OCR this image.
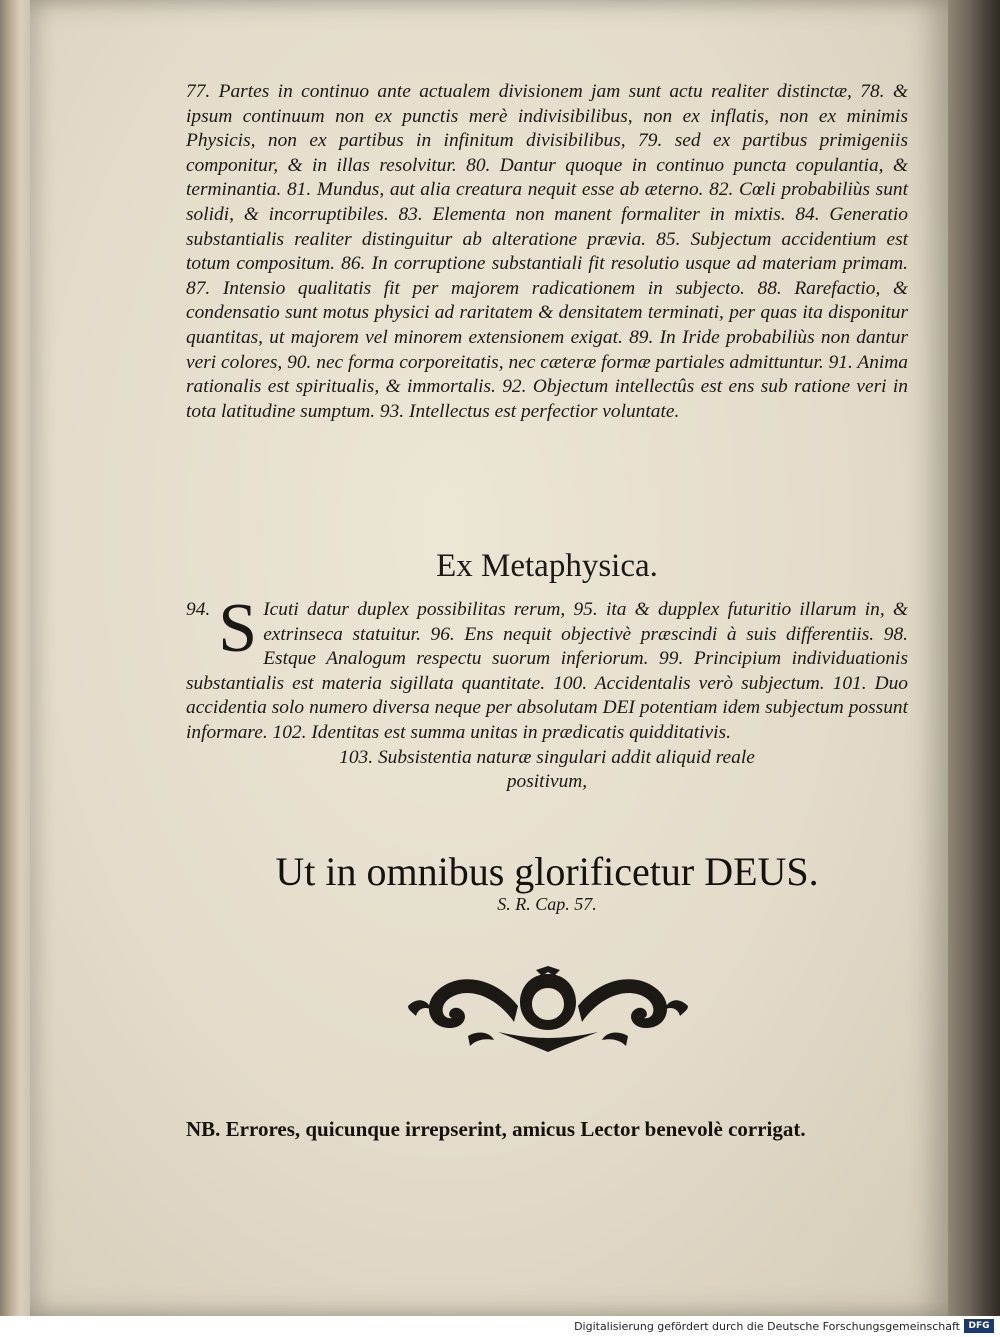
77. Partes in continuo ante actualem divisionem jam sunt actu realiter distinctæ, 78. & ipsum continuum non ex punctis merè indivisibilibus, non ex inflatis, non ex minimis Physicis, non ex partibus in infinitum divisibilibus, 79. sed ex partibus primigeniis componitur, & in illas resolvitur. 80. Dantur quoque in continuo puncta copulantia, & terminantia. 81. Mundus, aut alia creatura nequit esse ab æterno. 82. Cœli probabiliùs sunt solidi, & incorruptibiles. 83. Elementa non manent formaliter in mixtis. 84. Generatio substantialis realiter distinguitur ab alteratione prævia. 85. Subjectum accidentium est totum compositum. 86. In corruptione substantiali fit resolutio usque ad materiam primam. 87. Intensio qualitatis fit per majorem radicationem in subjecto. 88. Rarefactio, & condensatio sunt motus physici ad raritatem & densitatem terminati, per quas ita disponitur quantitas, ut majorem vel minorem extensionem exigat. 89. In Iride probabiliùs non dantur veri colores, 90. nec forma corporeitatis, nec cæteræ formæ partiales admittuntur. 91. Anima rationalis est spiritualis, & immortalis. 92. Objectum intellectûs est ens sub ratione veri in tota latitudine sumptum. 93. Intellectus est perfectior voluntate.
Ex Metaphysica.
94. S Icuti datur duplex possibilitas rerum, 95. ita & dupplex futuritio illarum in, & extrinseca statuitur. 96. Ens nequit objectivè præscindi à suis differentiis. 98. Estque Analogum respectu suorum inferiorum. 99. Principium individuationis substantialis est materia sigillata quantitate. 100. Accidentalis verò subjectum. 101. Duo accidentia solo numero diversa neque per absolutam DEI potentiam idem subjectum possunt informare. 102. Identitas est summa unitas in prædicatis quidditativis.
103. Subsistentia naturæ singulari addit aliquid reale
positivum,
Ut in omnibus glorificetur DEUS.
S. R. Cap. 57.
NB. Errores, quicunque irrepserint, amicus Lector benevolè corrigat.
Digitalisierung gefördert durch die Deutsche Forschungsgemeinschaft DFG
